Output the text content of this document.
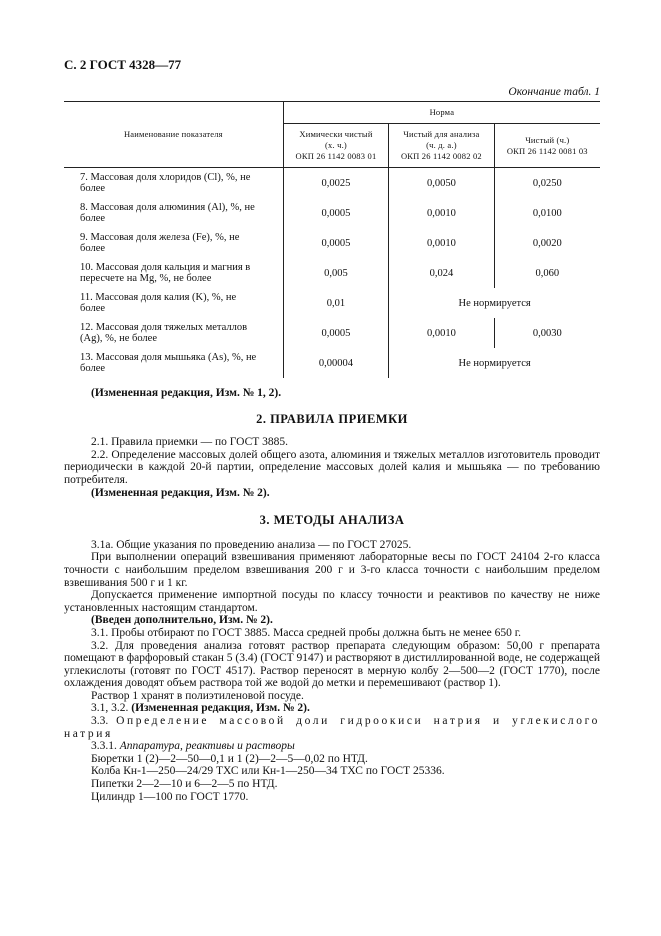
С. 2 ГОСТ 4328—77
Окончание табл. 1
Наименование показателя	Норма		
	Химически чистый
(х. ч.)
ОКП 26 1142 0083 01	Чистый для анализа
(ч. д. а.)
ОКП 26 1142 0082 02	Чистый (ч.)
ОКП 26 1142 0081 03

7. Массовая доля хлоридов (Cl), %, не
более	0,0025	0,0050	0,0250

8. Массовая доля алюминия (Al), %, не
более	0,0005	0,0010	0,0100

9. Массовая доля железа (Fe), %, не
более	0,0005	0,0010	0,0020

10. Массовая доля кальция и магния в
пересчете на Mg, %, не более	0,005	0,024	0,060

11. Массовая доля калия (K), %, не
более	0,01	Не нормируется	

12. Массовая доля тяжелых металлов
(Ag), %, не более	0,0005	0,0010	0,0030

13. Массовая доля мышьяка (As), %, не
более	0,00004	Не нормируется	

(Измененная редакция, Изм. № 1, 2).

2. ПРАВИЛА ПРИЕМКИ

2.1. Правила приемки — по ГОСТ 3885.

2.2. Определение массовых долей общего азота, алюминия и тяжелых металлов изготовитель проводит периодически в каждой 20-й партии, определение массовых долей калия и мышьяка — по требованию потребителя.

(Измененная редакция, Изм. № 2).

3. МЕТОДЫ АНАЛИЗА

3.1а. Общие указания по проведению анализа — по ГОСТ 27025.

При выполнении операций взвешивания применяют лабораторные весы по ГОСТ 24104 2-го класса точности с наибольшим пределом взвешивания 200 г и 3-го класса точности с наибольшим пределом взвешивания 500 г и 1 кг.

Допускается применение импортной посуды по классу точности и реактивов по качеству не ниже установленных настоящим стандартом.

(Введен дополнительно, Изм. № 2).

3.1. Пробы отбирают по ГОСТ 3885. Масса средней пробы должна быть не менее 650 г.

3.2. Для проведения анализа готовят раствор препарата следующим образом: 50,00 г препарата помещают в фарфоровый стакан 5 (3.4) (ГОСТ 9147) и растворяют в дистиллированной воде, не содержащей углекислоты (готовят по ГОСТ 4517). Раствор переносят в мерную колбу 2—500—2 (ГОСТ 1770), после охлаждения доводят объем раствора той же водой до метки и перемешивают (раствор 1).

Раствор 1 хранят в полиэтиленовой посуде.

3.1, 3.2. (Измененная редакция, Изм. № 2).

3.3. Определение массовой доли гидроокиси натрия и углекислого натрия

3.3.1. Аппаратура, реактивы и растворы

Бюретки 1 (2)—2—50—0,1 и 1 (2)—2—5—0,02 по НТД.

Колба Кн-1—250—24/29 ТХС или Кн-1—250—34 ТХС по ГОСТ 25336.

Пипетки 2—2—10 и 6—2—5 по НТД.

Цилиндр 1—100 по ГОСТ 1770.
